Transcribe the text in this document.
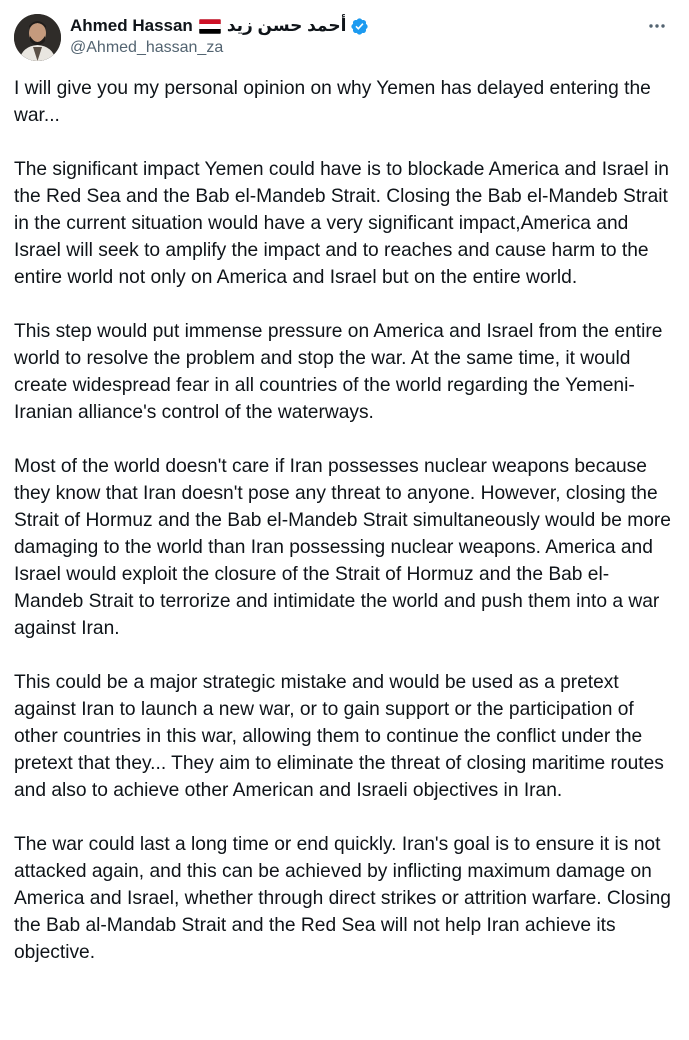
Ahmed Hassan أحمد حسن زيد
@Ahmed_hassan_za

I will give you my personal opinion on why Yemen has delayed entering the war...

The significant impact Yemen could have is to blockade America and Israel in the Red Sea and the Bab el-Mandeb Strait. Closing the Bab el-Mandeb Strait in the current situation would have a very significant impact,America and Israel will seek to amplify the impact and to reaches and cause harm to the entire world not only on America and Israel but on the entire world.

This step would put immense pressure on America and Israel from the entire world to resolve the problem and stop the war. At the same time, it would create widespread fear in all countries of the world regarding the Yemeni-Iranian alliance's control of the waterways.

Most of the world doesn't care if Iran possesses nuclear weapons because they know that Iran doesn't pose any threat to anyone. However, closing the Strait of Hormuz and the Bab el-Mandeb Strait simultaneously would be more damaging to the world than Iran possessing nuclear weapons. America and Israel would exploit the closure of the Strait of Hormuz and the Bab el-Mandeb Strait to terrorize and intimidate the world and push them into a war against Iran.

This could be a major strategic mistake and would be used as a pretext against Iran to launch a new war, or to gain support or the participation of other countries in this war, allowing them to continue the conflict under the pretext that they... They aim to eliminate the threat of closing maritime routes and also to achieve other American and Israeli objectives in Iran.

The war could last a long time or end quickly. Iran's goal is to ensure it is not attacked again, and this can be achieved by inflicting maximum damage on America and Israel, whether through direct strikes or attrition warfare. Closing the Bab al-Mandab Strait and the Red Sea will not help Iran achieve its objective.
